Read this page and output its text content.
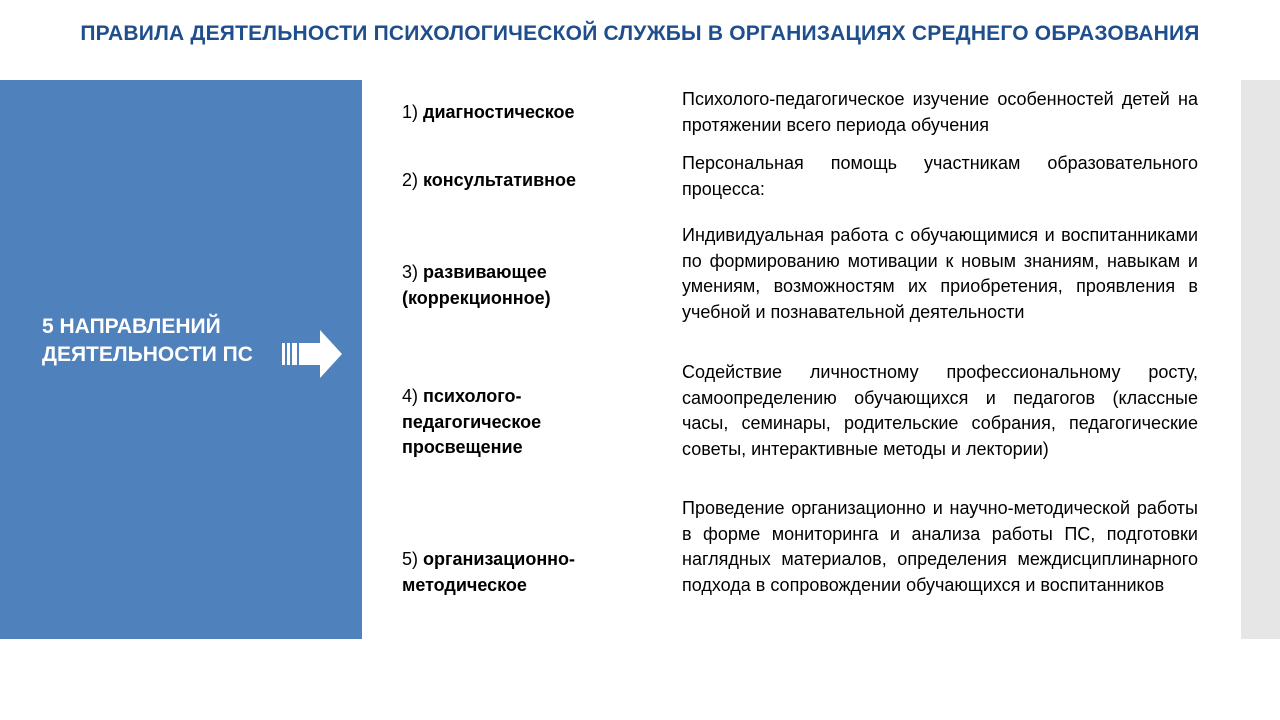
ПРАВИЛА ДЕЯТЕЛЬНОСТИ ПСИХОЛОГИЧЕСКОЙ СЛУЖБЫ В ОРГАНИЗАЦИЯХ СРЕДНЕГО ОБРАЗОВАНИЯ
5 НАПРАВЛЕНИЙ ДЕЯТЕЛЬНОСТИ ПС
1) диагностическое
Психолого-педагогическое изучение особенностей детей на протяжении всего периода обучения
2) консультативное
Персональная помощь участникам образовательного процесса:
3) развивающее (коррекционное)
Индивидуальная работа с обучающимися и воспитанниками по формированию мотивации к новым знаниям, навыкам и умениям, возможностям их приобретения, проявления в учебной и познавательной деятельности
4) психолого-педагогическое просвещение
Содействие личностному профессиональному росту, самоопределению обучающихся и педагогов (классные часы, семинары, родительские собрания, педагогические советы, интерактивные методы и лектории)
5) организационно-методическое
Проведение организационно и научно-методической работы в форме мониторинга и анализа работы ПС, подготовки наглядных материалов, определения междисциплинарного подхода в сопровождении обучающихся и воспитанников
